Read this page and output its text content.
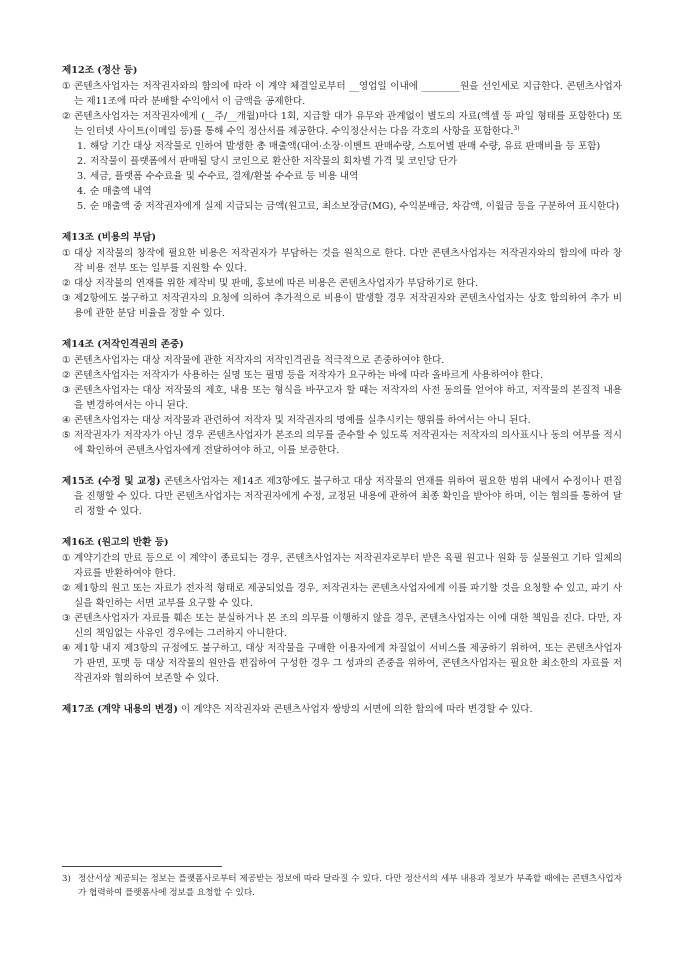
제12조 (정산 등)
① 콘텐츠사업자는 저작권자와의 합의에 따라 이 계약 체결일로부터 __영업일 이내에 ________원을 선인세로 지급한다. 콘텐츠사업자는 제11조에 따라 분배할 수익에서 이 금액을 공제한다.
② 콘텐츠사업자는 저작권자에게 (__주/__개월)마다 1회, 지급할 대가 유무와 관계없이 별도의 자료(엑셀 등 파일 형태를 포함한다) 또는 인터넷 사이트(이메일 등)를 통해 수익 정산서를 제공한다. 수익정산서는 다음 각호의 사항을 포함한다.$^{3)}$
1. 해당 기간 대상 저작물로 인하여 발생한 총 매출액(대여·소장·이벤트 판매수량, 스토어별 판매 수량, 유료 판매비율 등 포함)
2. 저작물이 플랫폼에서 판매될 당시 코인으로 환산한 저작물의 회차별 가격 및 코인당 단가
3. 세금, 플랫폼 수수료율 및 수수료, 결제/환불 수수료 등 비용 내역
4. 순 매출액 내역
5. 순 매출액 중 저작권자에게 실제 지급되는 금액(원고료, 최소보장금(MG), 수익분배금, 차감액, 이월금 등을 구분하여 표시한다)
제13조 (비용의 부담)
① 대상 저작물의 창작에 필요한 비용은 저작권자가 부담하는 것을 원칙으로 한다. 다만 콘텐츠사업자는 저작권자와의 합의에 따라 창작 비용 전부 또는 일부를 지원할 수 있다.
② 대상 저작물의 연재를 위한 제작비 및 판매, 홍보에 따른 비용은 콘텐츠사업자가 부담하기로 한다.
③ 제2항에도 불구하고 저작권자의 요청에 의하여 추가적으로 비용이 발생할 경우 저작권자와 콘텐츠사업자는 상호 합의하여 추가 비용에 관한 분담 비율을 정할 수 있다.
제14조 (저작인격권의 존중)
① 콘텐츠사업자는 대상 저작물에 관한 저작자의 저작인격권을 적극적으로 존중하여야 한다.
② 콘텐츠사업자는 저작자가 사용하는 실명 또는 필명 등을 저작자가 요구하는 바에 따라 올바르게 사용하여야 한다.
③ 콘텐츠사업자는 대상 저작물의 제호, 내용 또는 형식을 바꾸고자 할 때는 저작자의 사전 동의를 얻어야 하고, 저작물의 본질적 내용을 변경하여서는 아니 된다.
④ 콘텐츠사업자는 대상 저작물과 관련하여 저작자 및 저작권자의 명예를 실추시키는 행위를 하여서는 아니 된다.
⑤ 저작권자가 저작자가 아닌 경우 콘텐츠사업자가 본조의 의무를 준수할 수 있도록 저작권자는 저작자의 의사표시나 동의 여부를 적시에 확인하여 콘텐츠사업자에게 전달하여야 하고, 이를 보증한다.
제15조 (수정 및 교정) 콘텐츠사업자는 제14조 제3항에도 불구하고 대상 저작물의 연재를 위하여 필요한 범위 내에서 수정이나 편집을 진행할 수 있다. 다만 콘텐츠사업자는 저작권자에게 수정, 교정된 내용에 관하여 최종 확인을 받아야 하며, 이는 협의를 통하여 달리 정할 수 있다.
제16조 (원고의 반환 등)
① 계약기간의 만료 등으로 이 계약이 종료되는 경우, 콘텐츠사업자는 저작권자로부터 받은 육필 원고나 원화 등 실물원고 기타 일체의 자료를 반환하여야 한다.
② 제1항의 원고 또는 자료가 전자적 형태로 제공되었을 경우, 저작권자는 콘텐츠사업자에게 이를 파기할 것을 요청할 수 있고, 파기 사실을 확인하는 서면 교부를 요구할 수 있다.
③ 콘텐츠사업자가 자료를 훼손 또는 분실하거나 본 조의 의무를 이행하지 않을 경우, 콘텐츠사업자는 이에 대한 책임을 진다. 다만, 자신의 책임없는 사유인 경우에는 그러하지 아니한다.
④ 제1항 내지 제3항의 규정에도 불구하고, 대상 저작물을 구매한 이용자에게 차질없이 서비스를 제공하기 위하여, 또는 콘텐츠사업자가 판면, 포맷 등 대상 저작물의 원안을 편집하여 구성한 경우 그 성과의 존중을 위하여, 콘텐츠사업자는 필요한 최소한의 자료를 저작권자와 협의하여 보존할 수 있다.
제17조 (계약 내용의 변경) 이 계약은 저작권자와 콘텐츠사업자 쌍방의 서면에 의한 합의에 따라 변경할 수 있다.
3) 정산서상 제공되는 정보는 플랫폼사로부터 제공받는 정보에 따라 달라질 수 있다. 다만 정산서의 세부 내용과 정보가 부족할 때에는 콘텐츠사업자가 협력하여 플랫폼사에 정보를 요청할 수 있다.
